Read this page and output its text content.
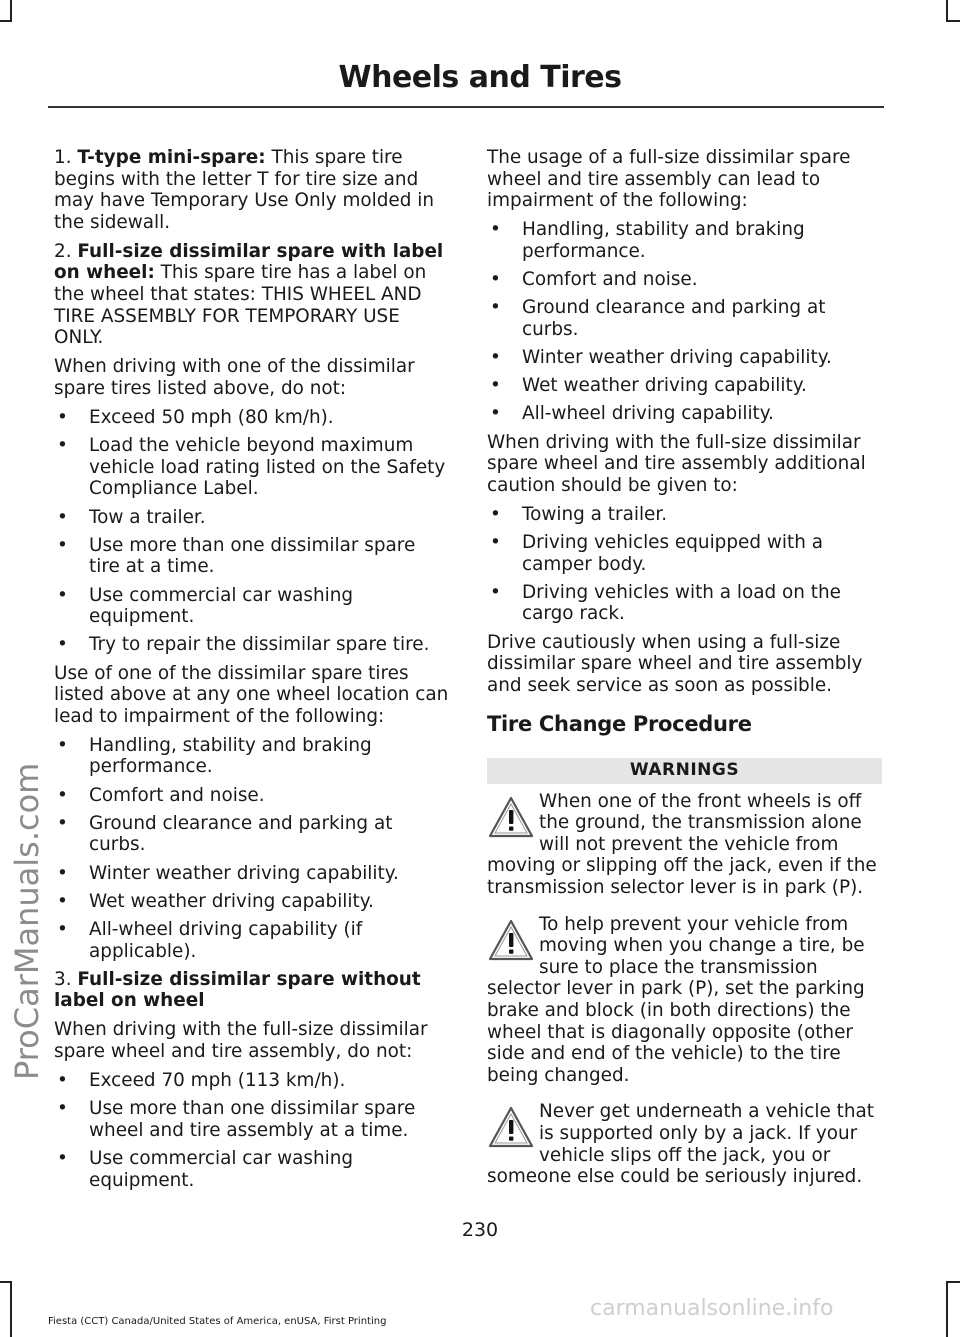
Wheels and Tires
ProCarManuals.com

1. T-type mini-spare: This spare tire begins with the letter T for tire size and may have Temporary Use Only molded in the sidewall.

2. Full-size dissimilar spare with label on wheel: This spare tire has a label on the wheel that states: THIS WHEEL AND TIRE ASSEMBLY FOR TEMPORARY USE ONLY.

When driving with one of the dissimilar spare tires listed above, do not:

• Exceed 50 mph (80 km/h).
• Load the vehicle beyond maximum vehicle load rating listed on the Safety Compliance Label.
• Tow a trailer.
• Use more than one dissimilar spare tire at a time.
• Use commercial car washing equipment.
• Try to repair the dissimilar spare tire.

Use of one of the dissimilar spare tires listed above at any one wheel location can lead to impairment of the following:

• Handling, stability and braking performance.
• Comfort and noise.
• Ground clearance and parking at curbs.
• Winter weather driving capability.
• Wet weather driving capability.
• All-wheel driving capability (if applicable).

3. Full-size dissimilar spare without label on wheel

When driving with the full-size dissimilar spare wheel and tire assembly, do not:

• Exceed 70 mph (113 km/h).
• Use more than one dissimilar spare wheel and tire assembly at a time.
• Use commercial car washing equipment.

The usage of a full-size dissimilar spare wheel and tire assembly can lead to impairment of the following:

• Handling, stability and braking performance.
• Comfort and noise.
• Ground clearance and parking at curbs.
• Winter weather driving capability.
• Wet weather driving capability.
• All-wheel driving capability.

When driving with the full-size dissimilar spare wheel and tire assembly additional caution should be given to:

• Towing a trailer.
• Driving vehicles equipped with a camper body.
• Driving vehicles with a load on the cargo rack.

Drive cautiously when using a full-size dissimilar spare wheel and tire assembly and seek service as soon as possible.

Tire Change Procedure
WARNINGS
When one of the front wheels is off the ground, the transmission alone will not prevent the vehicle from moving or slipping off the jack, even if the transmission selector lever is in park (P).
To help prevent your vehicle from moving when you change a tire, be sure to place the transmission selector lever in park (P), set the parking brake and block (in both directions) the wheel that is diagonally opposite (other side and end of the vehicle) to the tire being changed.
Never get underneath a vehicle that is supported only by a jack. If your vehicle slips off the jack, you or someone else could be seriously injured.
230
Fiesta (CCT) Canada/United States of America, enUSA, First Printing
carmanualsonline.info
